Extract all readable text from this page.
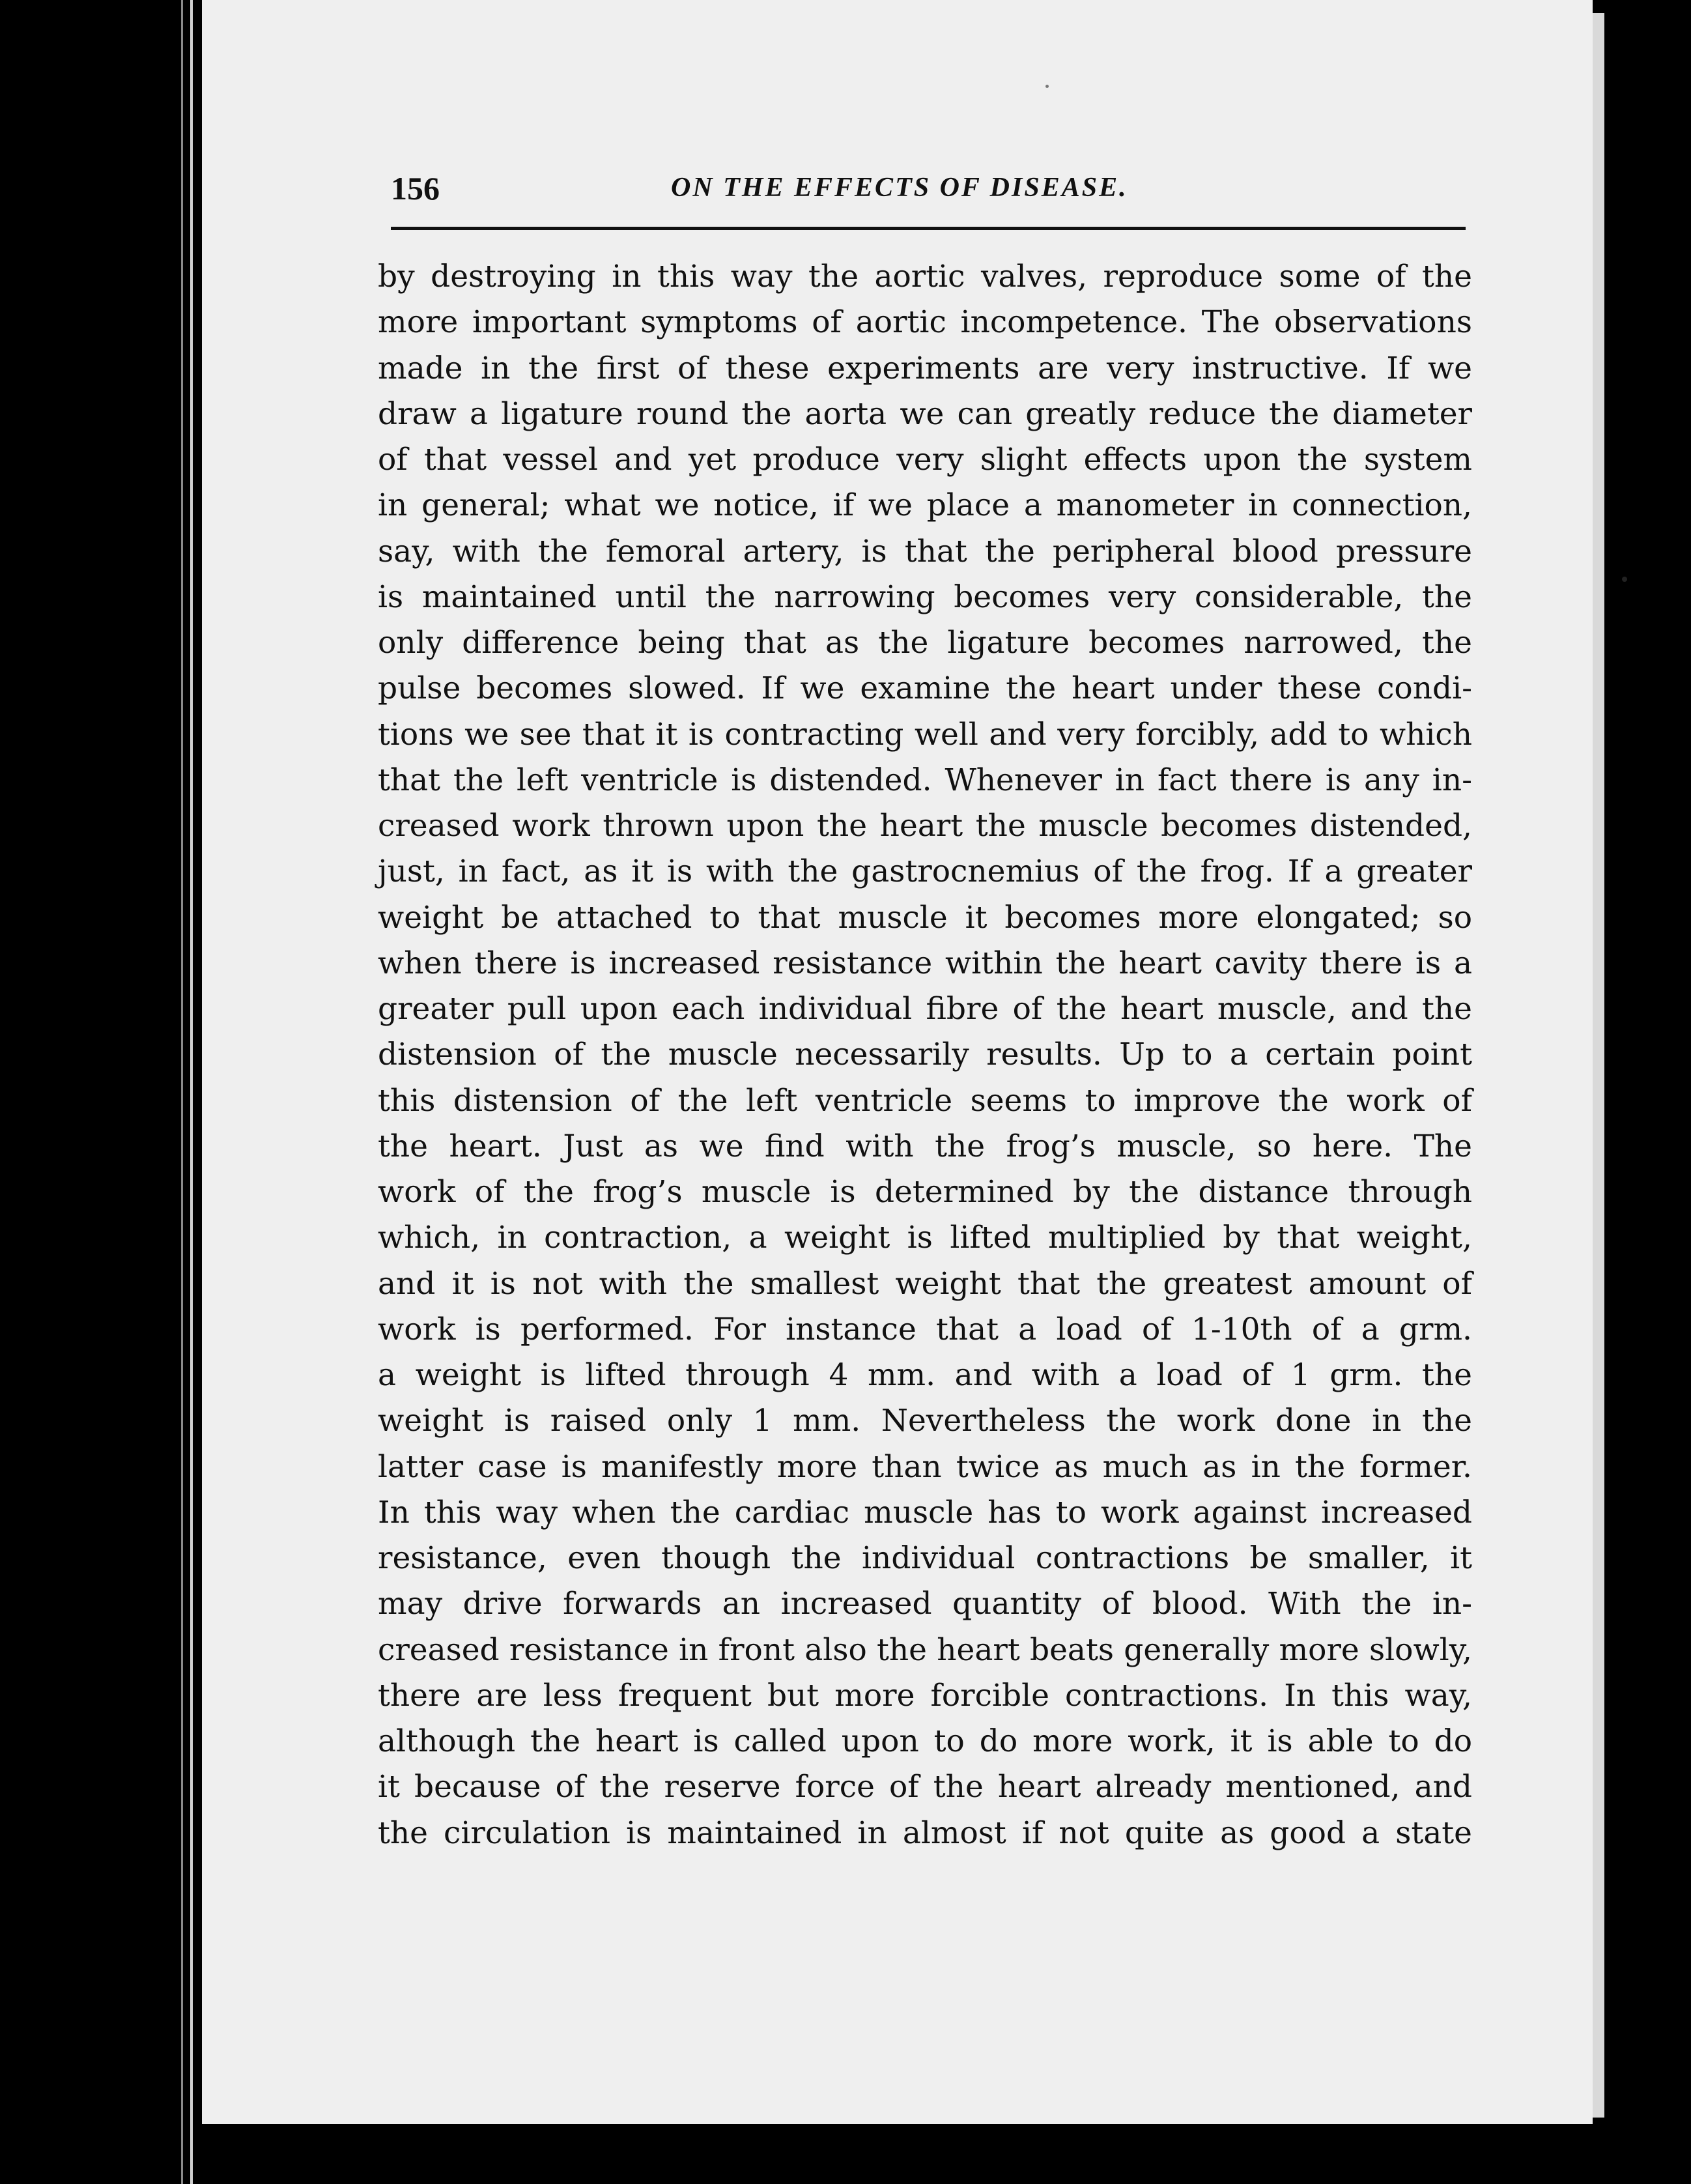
156	ON THE EFFECTS OF DISEASE.
by destroying in this way the aortic valves, reproduce some of the
more important symptoms of aortic incompetence. The observations
made in the first of these experiments are very instructive. If we
draw a ligature round the aorta we can greatly reduce the diameter
of that vessel and yet produce very slight effects upon the system
in general; what we notice, if we place a manometer in connection,
say, with the femoral artery, is that the peripheral blood pressure
is maintained until the narrowing becomes very considerable, the
only difference being that as the ligature becomes narrowed, the
pulse becomes slowed. If we examine the heart under these condi-
tions we see that it is contracting well and very forcibly, add to which
that the left ventricle is distended. Whenever in fact there is any in-
creased work thrown upon the heart the muscle becomes distended,
just, in fact, as it is with the gastrocnemius of the frog. If a greater
weight be attached to that muscle it becomes more elongated; so
when there is increased resistance within the heart cavity there is a
greater pull upon each individual fibre of the heart muscle, and the
distension of the muscle necessarily results. Up to a certain point
this distension of the left ventricle seems to improve the work of
the heart. Just as we find with the frog’s muscle, so here. The
work of the frog’s muscle is determined by the distance through
which, in contraction, a weight is lifted multiplied by that weight,
and it is not with the smallest weight that the greatest amount of
work is performed. For instance that a load of 1-10th of a grm.
a weight is lifted through 4 mm. and with a load of 1 grm. the
weight is raised only 1 mm. Nevertheless the work done in the
latter case is manifestly more than twice as much as in the former.
In this way when the cardiac muscle has to work against increased
resistance, even though the individual contractions be smaller, it
may drive forwards an increased quantity of blood. With the in-
creased resistance in front also the heart beats generally more slowly,
there are less frequent but more forcible contractions. In this way,
although the heart is called upon to do more work, it is able to do
it because of the reserve force of the heart already mentioned, and
the circulation is maintained in almost if not quite as good a state
